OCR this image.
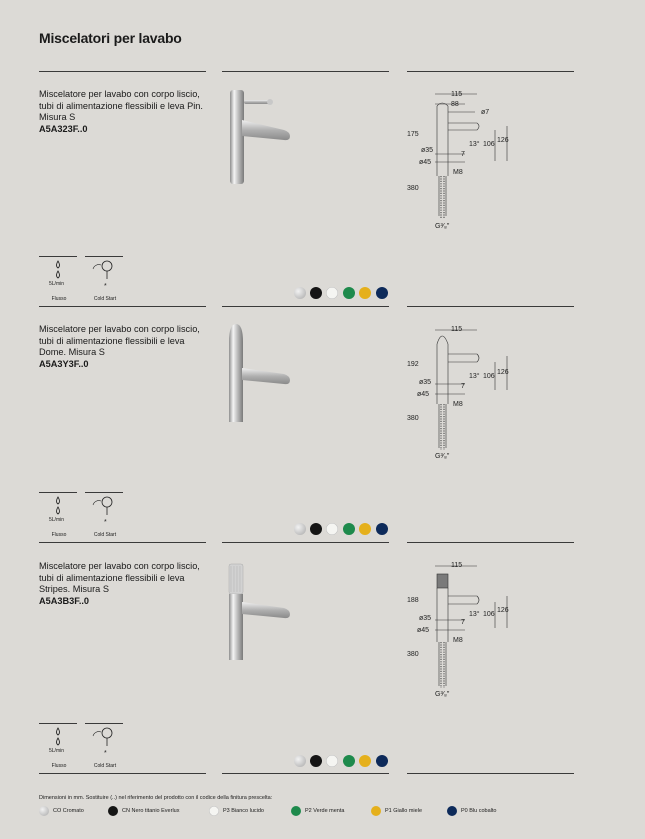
Miscelatori per lavabo
Miscelatore per lavabo con corpo liscio, tubi di alimentazione flessibili e leva Pin. Misura S
A5A323F..0
115
88
ø7
175
ø35
ø45
13° 106
126
7
M8
380
G³⁄₈"
5L/min	*
Flusso	Cold Start
Miscelatore per lavabo con corpo liscio, tubi di alimentazione flessibili e leva Dome. Misura S
A5A3Y3F..0
115
192
ø35
ø45
13° 106
126
7
M8
380
G³⁄₈"
5L/min	*
Flusso	Cold Start
Miscelatore per lavabo con corpo liscio, tubi di alimentazione flessibili e leva Stripes. Misura S
A5A3B3F..0
115
188
ø35
ø45
13° 106
126
7
M8
380
G³⁄₈"
5L/min	*
Flusso	Cold Start
Dimensioni in mm. Sostituire (..) nel riferimento del prodotto con il codice della finitura prescelta:
CO
Cromato	CN
Nero titanio Everlux	P3
Bianco lucido	P2
Verde menta	P1
Giallo miele	P0
Blu cobalto
